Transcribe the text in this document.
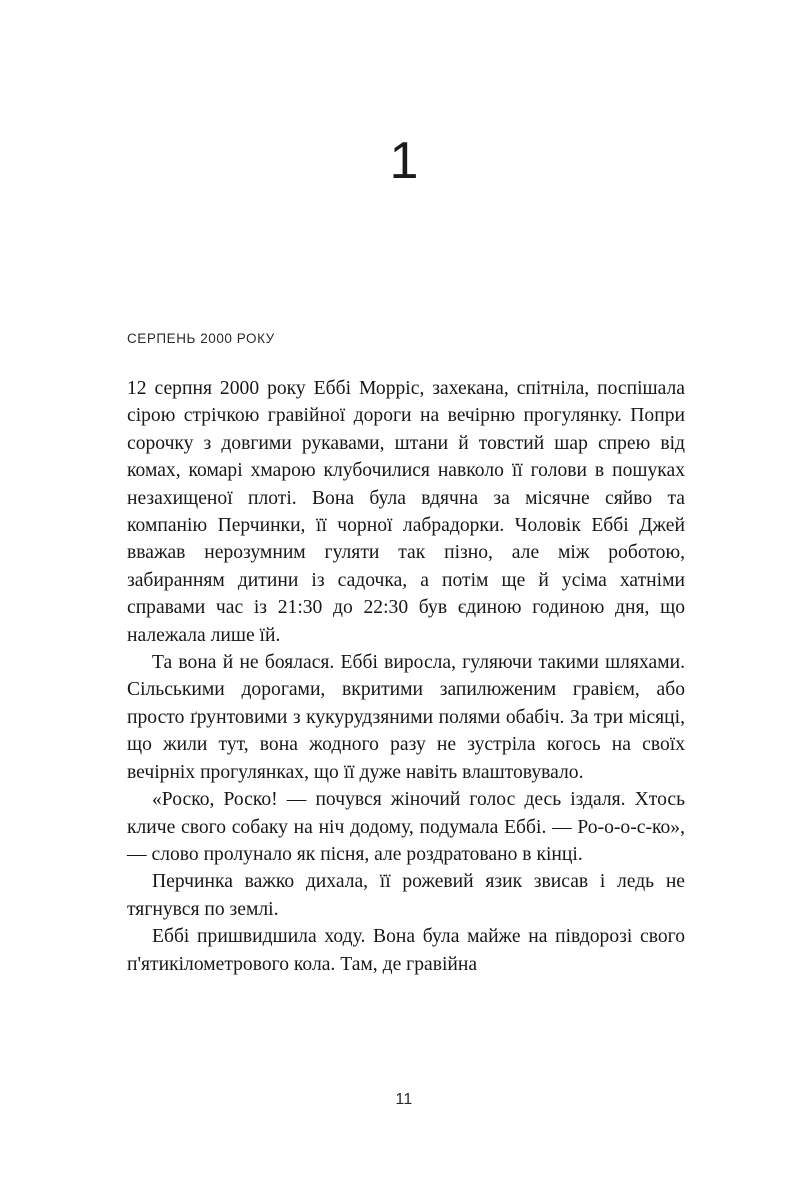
1
СЕРПЕНЬ 2000 РОКУ

12 серпня 2000 року Еббі Морріс, захекана, спітніла, поспішала сірою стрічкою гравійної дороги на вечірню прогулянку. Попри сорочку з довгими рукавами, штани й товстий шар спрею від комах, комарі хмарою клубочилися навколо її голови в пошуках незахищеної плоті. Вона була вдячна за місячне сяйво та компанію Перчинки, її чорної лабрадорки. Чоловік Еббі Джей вважав нерозумним гуляти так пізно, але між роботою, забиранням дитини із садочка, а потім ще й усіма хатніми справами час із 21:30 до 22:30 був єдиною годиною дня, що належала лише їй.

Та вона й не боялася. Еббі виросла, гуляючи такими шляхами. Сільськими дорогами, вкритими запилюженим гравієм, або просто ґрунтовими з кукурудзяними полями обабіч. За три місяці, що жили тут, вона жодного разу не зустріла когось на своїх вечірніх прогулянках, що її дуже навіть влаштовувало.

«Роско, Роско! — почувся жіночий голос десь іздаля. Хтось кличе свого собаку на ніч додому, подумала Еббі. — Ро-о-о-с-ко», — слово пролунало як пісня, але роздратовано в кінці.

Перчинка важко дихала, її рожевий язик звисав і ледь не тягнувся по землі.

Еббі пришвидшила ходу. Вона була майже на півдорозі свого п'ятикілометрового кола. Там, де гравійна

11
